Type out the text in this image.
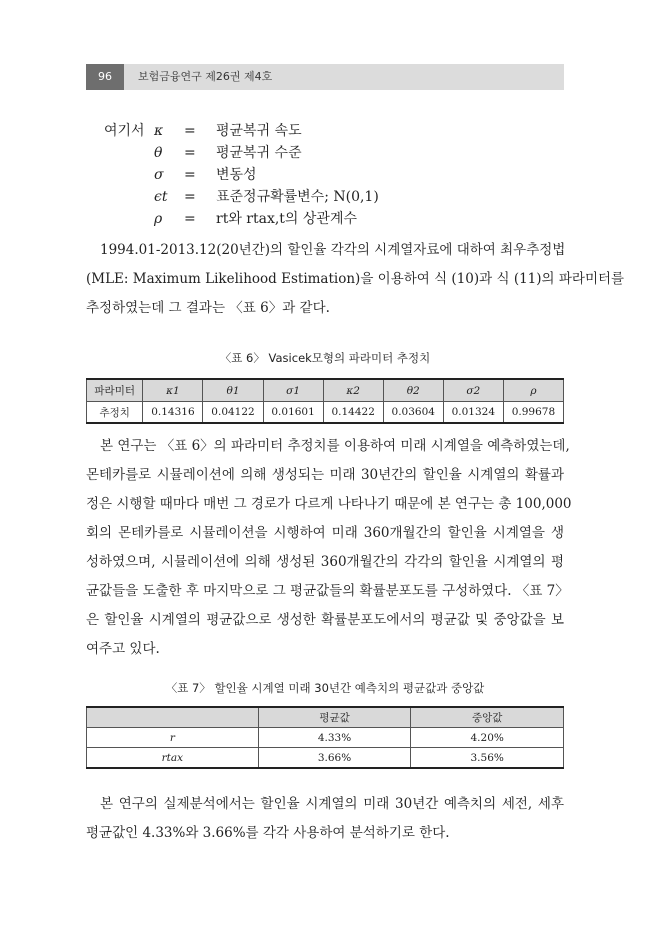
96	보험금융연구 제26권 제4호
여기서 κ = 평균복귀 속도
θ = 평균복귀 수준
σ = 변동성
ϵt = 표준정규확률변수; N(0,1)
ρ = rt와 rtax,t의 상관계수
1994.01-2013.12(20년간)의 할인율 각각의 시계열자료에 대하여 최우추정법
(MLE: Maximum Likelihood Estimation)을 이용하여 식 (10)과 식 (11)의 파라미터를
추정하였는데 그 결과는 〈표 6〉과 같다.
〈표 6〉 Vasicek모형의 파라미터 추정치
파라미터	κ1	θ1	σ1	κ2	θ2	σ2	ρ
추정치	0.14316	0.04122	0.01601	0.14422	0.03604	0.01324	0.99678
본 연구는 〈표 6〉의 파라미터 추정치를 이용하여 미래 시계열을 예측하였는데,
몬테카를로 시뮬레이션에 의해 생성되는 미래 30년간의 할인율 시계열의 확률과
정은 시행할 때마다 매번 그 경로가 다르게 나타나기 때문에 본 연구는 총 100,000
회의 몬테카를로 시뮬레이션을 시행하여 미래 360개월간의 할인율 시계열을 생
성하였으며, 시뮬레이션에 의해 생성된 360개월간의 각각의 할인율 시계열의 평
균값들을 도출한 후 마지막으로 그 평균값들의 확률분포도를 구성하였다. 〈표 7〉
은 할인율 시계열의 평균값으로 생성한 확률분포도에서의 평균값 및 중앙값을 보
여주고 있다.
〈표 7〉 할인율 시계열 미래 30년간 예측치의 평균값과 중앙값
	평균값	중앙값
r	4.33%	4.20%
rtax	3.66%	3.56%
본 연구의 실제분석에서는 할인율 시계열의 미래 30년간 예측치의 세전, 세후
평균값인 4.33%와 3.66%를 각각 사용하여 분석하기로 한다.
